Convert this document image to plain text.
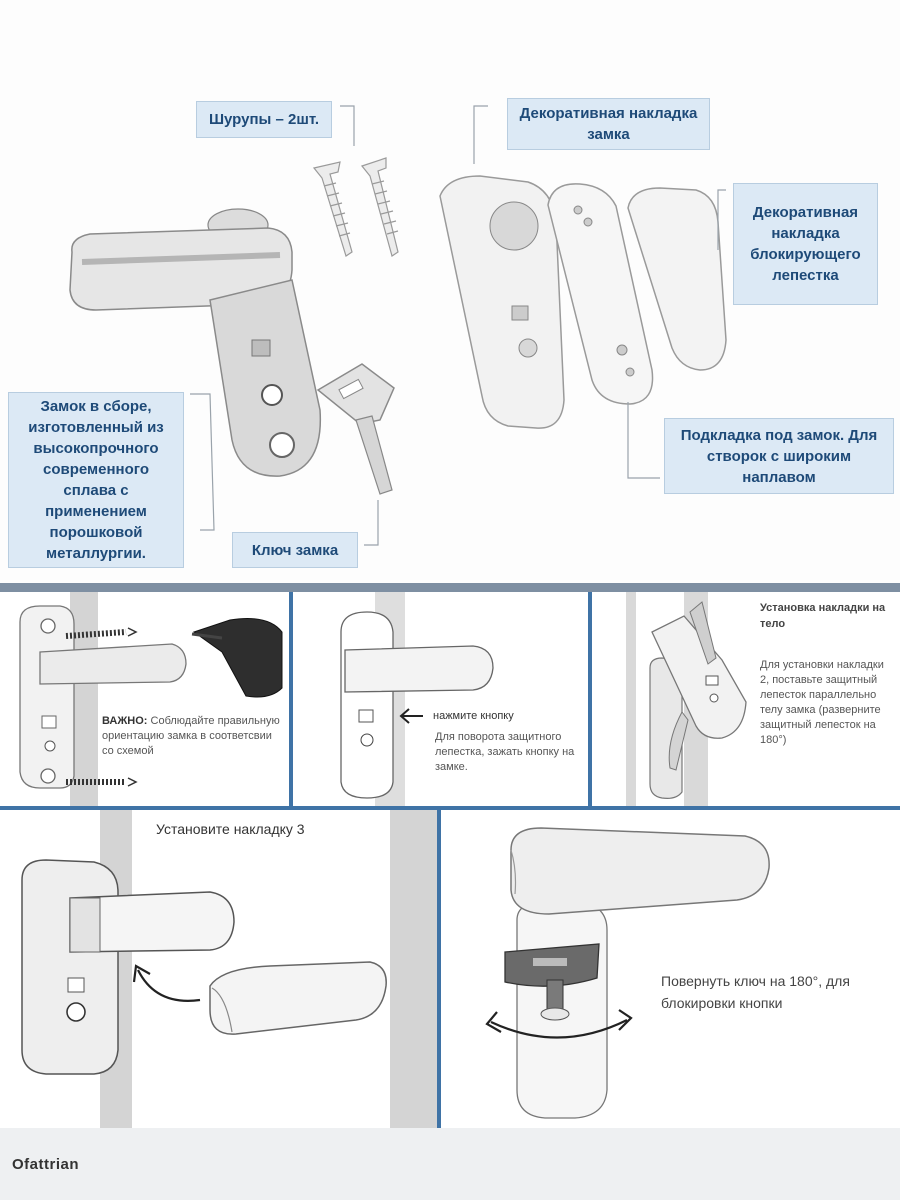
Шурупы – 2шт.	Декоративная накладка замка
Декоративная накладка блокирующего лепестка
Замок в сборе, изготовленный из высокопрочного современного сплава с применением порошковой металлургии.	Ключ замка
Подкладка под замок. Для створок с широким наплавом
ВАЖНО: Соблюдайте правильную ориентацию замка в соответсвии со схемой
нажмите кнопку
Для поворота защитного лепестка, зажать кнопку на замке.
Установка накладки на тело
Для установки накладки 2, поставьте защитный лепесток параллельно телу замка (разверните защитный лепесток на 180°)
Установите накладку 3
Повернуть ключ на 180°, для блокировки кнопки
Ofattrian
